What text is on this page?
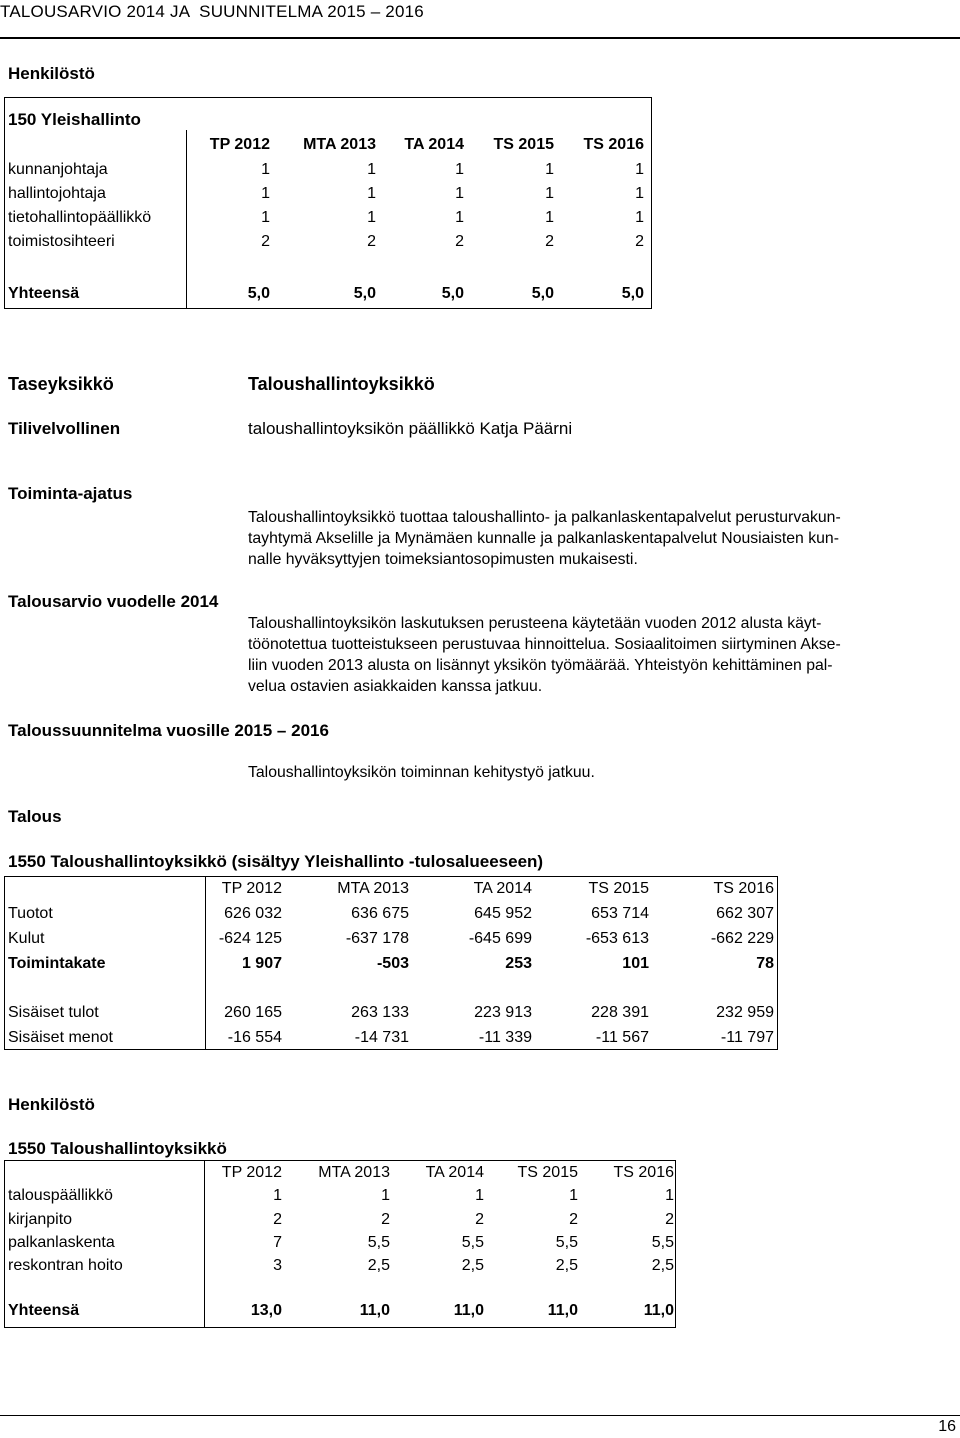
TALOUSARVIO 2014 JA  SUUNNITELMA 2015 – 2016
Henkilöstö
150 Yleishallinto
TP 2012	MTA 2013	TA 2014	TS 2015	TS 2016
kunnanjohtaja	1	1	1	1	1
hallintojohtaja	1	1	1	1	1
tietohallintopäällikkö	1	1	1	1	1
toimistosihteeri	2	2	2	2	2
Yhteensä	5,0	5,0	5,0	5,0	5,0
Taseyksikkö	Taloushallintoyksikkö
Tilivelvollinen	taloushallintoyksikön päällikkö Katja Päärni
Toiminta-ajatus
Taloushallintoyksikkö tuottaa taloushallinto- ja palkanlaskentapalvelut perusturvakun-
tayhtymä Akselille ja Mynämäen kunnalle ja palkanlaskentapalvelut Nousiaisten kun-
nalle hyväksyttyjen toimeksiantosopimusten mukaisesti.
Talousarvio vuodelle 2014
Taloushallintoyksikön laskutuksen perusteena käytetään vuoden 2012 alusta käyt-
töönotettua tuotteistukseen perustuvaa hinnoittelua. Sosiaalitoimen siirtyminen Akse-
liin vuoden 2013 alusta on lisännyt yksikön työmäärää. Yhteistyön kehittäminen pal-
velua ostavien asiakkaiden kanssa jatkuu.
Taloussuunnitelma vuosille 2015 – 2016
Taloushallintoyksikön toiminnan kehitystyö jatkuu.
Talous
1550 Taloushallintoyksikkö (sisältyy Yleishallinto -tulosalueeseen)
TP 2012	MTA 2013	TA 2014	TS 2015	TS 2016
Tuotot	626 032	636 675	645 952	653 714	662 307
Kulut	-624 125	-637 178	-645 699	-653 613	-662 229
Toimintakate	1 907	-503	253	101	78
Sisäiset tulot	260 165	263 133	223 913	228 391	232 959
Sisäiset menot	-16 554	-14 731	-11 339	-11 567	-11 797
Henkilöstö
1550 Taloushallintoyksikkö
TP 2012	MTA 2013	TA 2014	TS 2015	TS 2016
talouspäällikkö	1	1	1	1	1
kirjanpito	2	2	2	2	2
palkanlaskenta	7	5,5	5,5	5,5	5,5
reskontran hoito	3	2,5	2,5	2,5	2,5
Yhteensä	13,0	11,0	11,0	11,0	11,0
16
